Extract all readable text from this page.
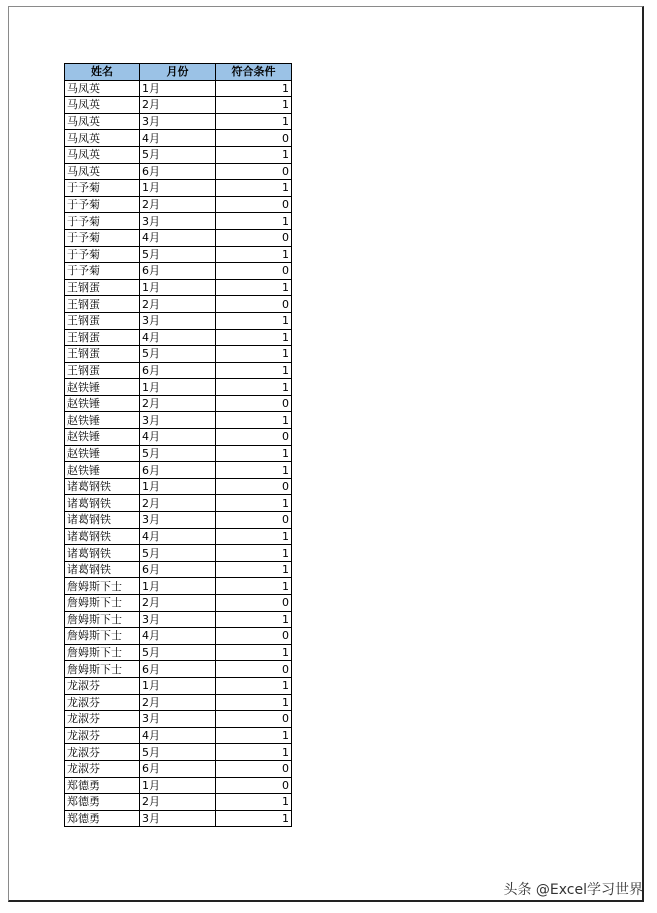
姓名	月份	符合条件
马凤英	1月	1
马凤英	2月	1
马凤英	3月	1
马凤英	4月	0
马凤英	5月	1
马凤英	6月	0
于予菊	1月	1
于予菊	2月	0
于予菊	3月	1
于予菊	4月	0
于予菊	5月	1
于予菊	6月	0
王钢蛋	1月	1
王钢蛋	2月	0
王钢蛋	3月	1
王钢蛋	4月	1
王钢蛋	5月	1
王钢蛋	6月	1
赵铁锤	1月	1
赵铁锤	2月	0
赵铁锤	3月	1
赵铁锤	4月	0
赵铁锤	5月	1
赵铁锤	6月	1
诸葛钢铁	1月	0
诸葛钢铁	2月	1
诸葛钢铁	3月	0
诸葛钢铁	4月	1
诸葛钢铁	5月	1
诸葛钢铁	6月	1
詹姆斯下士	1月	1
詹姆斯下士	2月	0
詹姆斯下士	3月	1
詹姆斯下士	4月	0
詹姆斯下士	5月	1
詹姆斯下士	6月	0
龙淑芬	1月	1
龙淑芬	2月	1
龙淑芬	3月	0
龙淑芬	4月	1
龙淑芬	5月	1
龙淑芬	6月	0
郑德勇	1月	0
郑德勇	2月	1
郑德勇	3月	1
头条 @Excel学习世界
